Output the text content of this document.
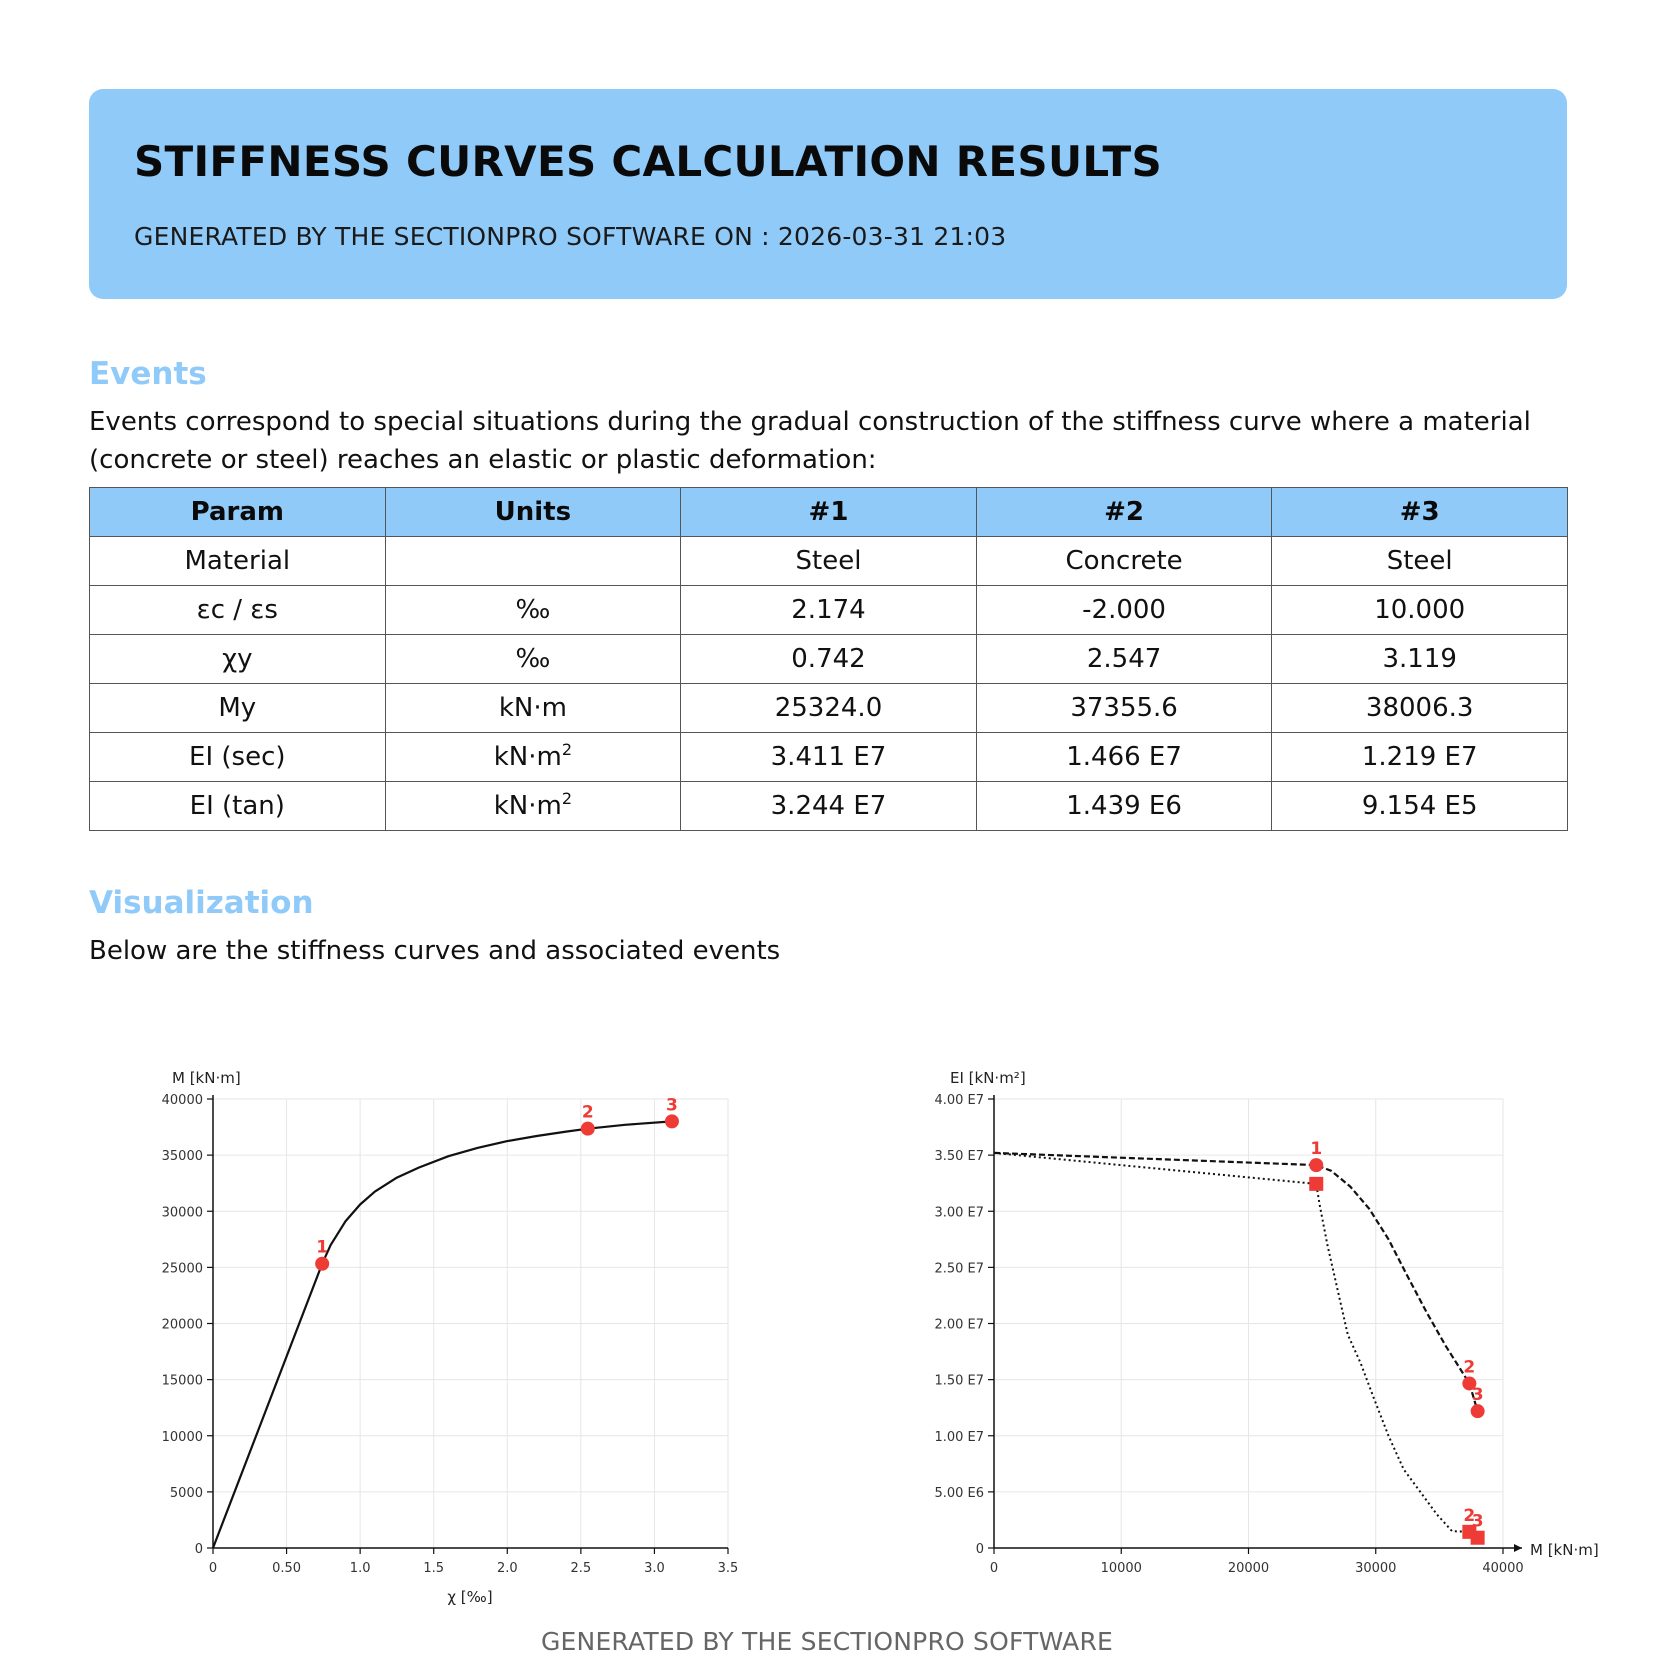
STIFFNESS CURVES CALCULATION RESULTS
GENERATED BY THE SECTIONPRO SOFTWARE ON : 2026-03-31 21:03
Events
Events correspond to special situations during the gradual construction of the stiffness curve where a material (concrete or steel) reaches an elastic or plastic deformation:
Param	Units	#1	#2	#3
Material		Steel	Concrete	Steel
εc / εs	‰	2.174	-2.000	10.000
χy	‰	0.742	2.547	3.119
My	kN·m	25324.0	37355.6	38006.3
EI (sec)	$kN\cdot m^2$	3.411 E7	1.466 E7	1.219 E7
EI (tan)	$kN\cdot m^2$	3.244 E7	1.439 E6	9.154 E5
Visualization
Below are the stiffness curves and associated events
0	0.50	1.0	1.5	2.0	2.5	3.0	3.5
0
5000
10000
15000
20000
25000
30000
35000
40000
M [kN·m]
χ [‰]
1
2	3
0	10000	20000	30000	40000
0
5.00 E6
1.00 E7
1.50 E7
2.00 E7
2.50 E7
3.00 E7
3.50 E7
4.00 E7
EI [kN·m²]
M [kN·m]
1
2
3
2
3
GENERATED BY THE SECTIONPRO SOFTWARE
